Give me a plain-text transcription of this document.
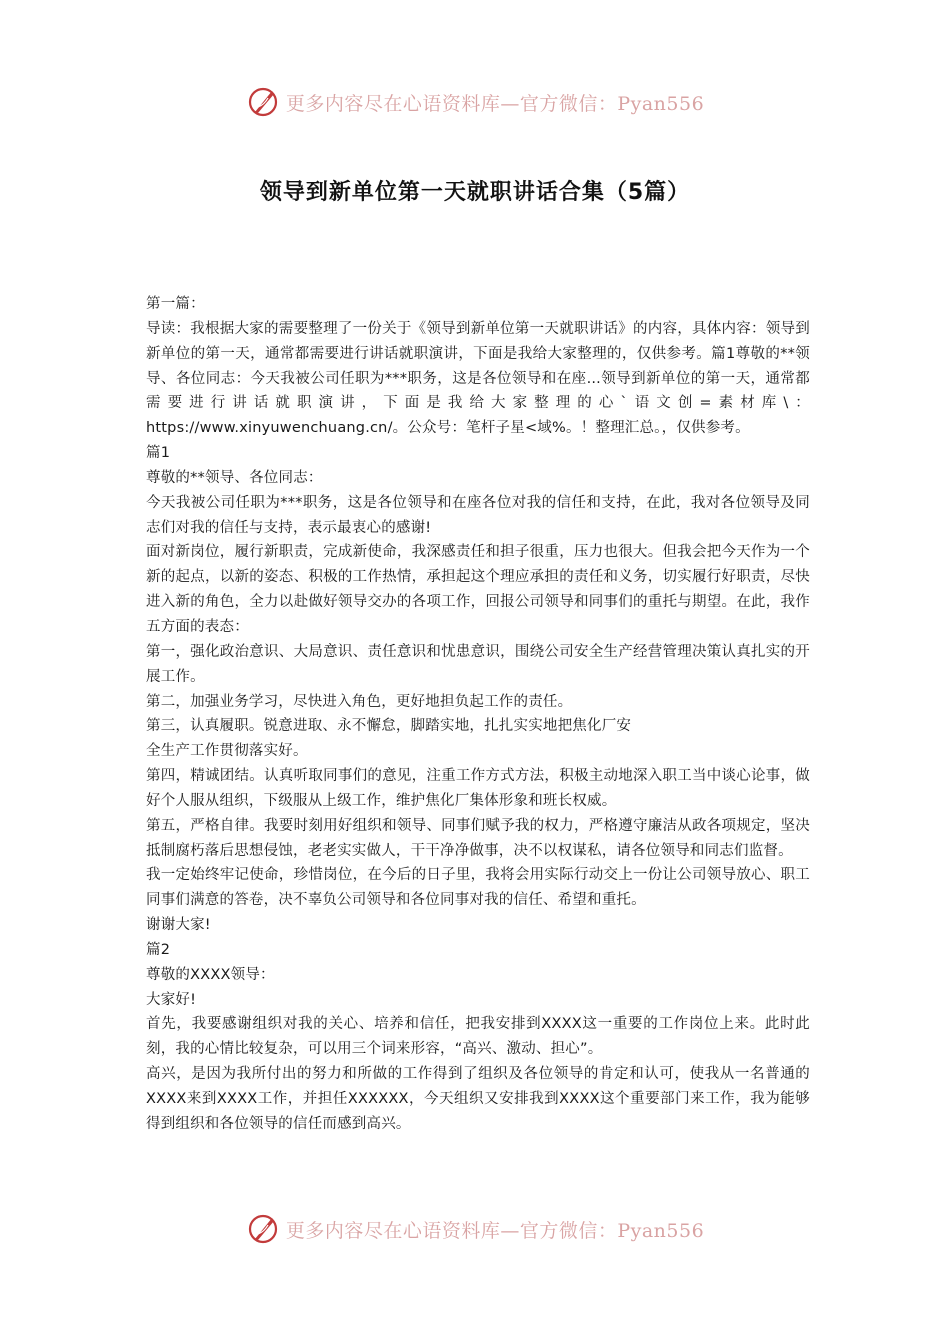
更多内容尽在心语资料库—官方微信：Pyan556
领导到新单位第一天就职讲话合集（5篇）

第一篇：

导读：我根据大家的需要整理了一份关于《领导到新单位第一天就职讲话》的内容，具体内容：领导到新单位的第一天，通常都需要进行讲话就职演讲，下面是我给大家整理的，仅供参考。篇1尊敬的**领导、各位同志：今天我被公司任职为***职务，这是各位领导和在座...领导到新单位的第一天，通常都需要进行讲话就职演讲，下面是我给大家整理的心`语文创=素材库\：https://www.xinyuwenchuang.cn/。公众号：笔杆子星<域%。！整理汇总。，仅供参考。

篇1

尊敬的**领导、各位同志：

今天我被公司任职为***职务，这是各位领导和在座各位对我的信任和支持，在此，我对各位领导及同志们对我的信任与支持，表示最衷心的感谢!

面对新岗位，履行新职责，完成新使命，我深感责任和担子很重，压力也很大。但我会把今天作为一个新的起点，以新的姿态、积极的工作热情，承担起这个理应承担的责任和义务，切实履行好职责，尽快进入新的角色，全力以赴做好领导交办的各项工作，回报公司领导和同事们的重托与期望。在此，我作五方面的表态：

第一，强化政治意识、大局意识、责任意识和忧患意识，围绕公司安全生产经营管理决策认真扎实的开展工作。

第二，加强业务学习，尽快进入角色，更好地担负起工作的责任。

第三，认真履职。锐意进取、永不懈怠，脚踏实地，扎扎实实地把焦化厂安

全生产工作贯彻落实好。

第四，精诚团结。认真听取同事们的意见，注重工作方式方法，积极主动地深入职工当中谈心论事，做好个人服从组织，下级服从上级工作，维护焦化厂集体形象和班长权威。

第五，严格自律。我要时刻用好组织和领导、同事们赋予我的权力，严格遵守廉洁从政各项规定，坚决抵制腐朽落后思想侵蚀，老老实实做人，干干净净做事，决不以权谋私，请各位领导和同志们监督。

我一定始终牢记使命，珍惜岗位，在今后的日子里，我将会用实际行动交上一份让公司领导放心、职工同事们满意的答卷，决不辜负公司领导和各位同事对我的信任、希望和重托。

谢谢大家!

篇2

尊敬的XXXX领导：

大家好!

首先，我要感谢组织对我的关心、培养和信任，把我安排到XXXX这一重要的工作岗位上来。此时此刻，我的心情比较复杂，可以用三个词来形容，“高兴、激动、担心”。

高兴，是因为我所付出的努力和所做的工作得到了组织及各位领导的肯定和认可，使我从一名普通的XXXX来到XXXX工作，并担任XXXXXX，今天组织又安排我到XXXX这个重要部门来工作，我为能够得到组织和各位领导的信任而感到高兴。

更多内容尽在心语资料库—官方微信：Pyan556
